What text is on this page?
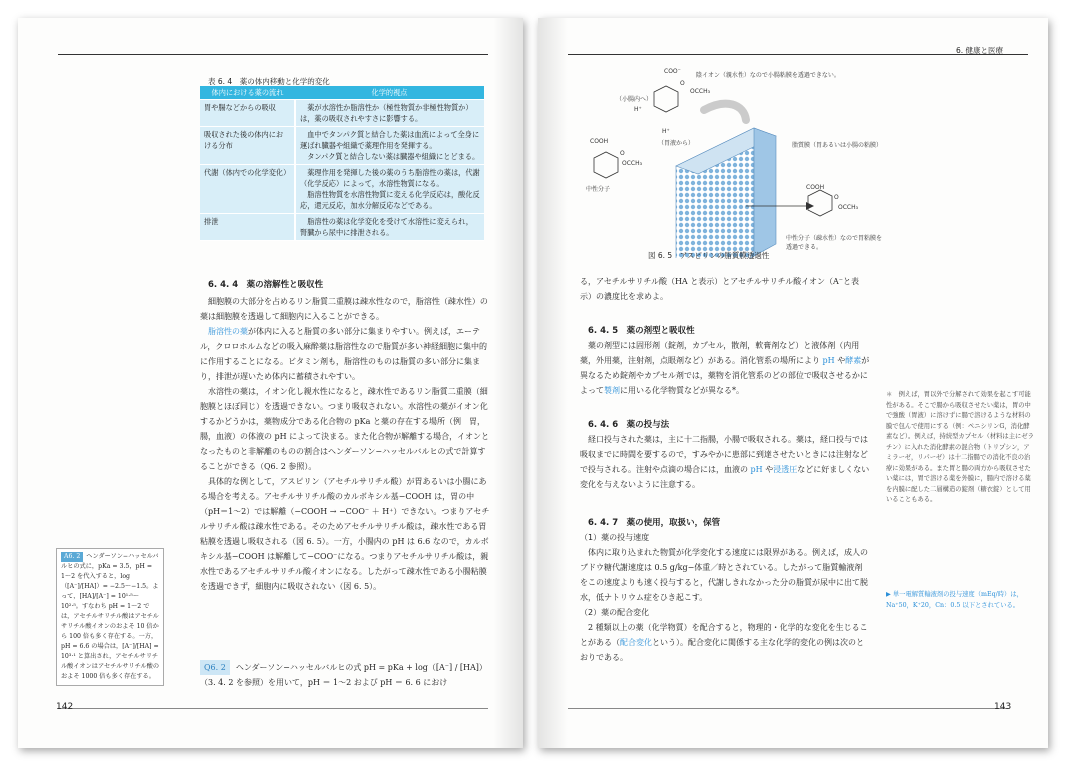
表 6. 4　薬の体内移動と化学的変化
体内における薬の流れ	化学的視点
胃や腸などからの吸収	薬が水溶性か脂溶性か（極性物質か非極性物質か）は，薬の吸収されやすさに影響する。

吸収された後の体内における分布	血中でタンパク質と結合した薬は血流によって全身に運ばれ臓器や組織で薬理作用を発揮する。
タンパク質と結合しない薬は臓器や組織にとどまる。

代謝（体内での化学変化）	薬理作用を発揮した後の薬のうち脂溶性の薬は，代謝（化学反応）によって，水溶性物質になる。
脂溶性物質を水溶性物質に変える化学反応は，酸化反応，還元反応，加水分解反応などである。

排泄	脂溶性の薬は化学変化を受けて水溶性に変えられ，腎臓から尿中に排泄される。
6. 4. 4　薬の溶解性と吸収性

細胞膜の大部分を占めるリン脂質二重膜は疎水性なので，脂溶性（疎水性）の薬は細胞膜を透過して細胞内に入ることができる。

脂溶性の薬が体内に入ると脂質の多い部分に集まりやすい。例えば，エーテル，クロロホルムなどの吸入麻酔薬は脂溶性なので脂質が多い神経細胞に集中的に作用することになる。ビタミン剤も，脂溶性のものは脂質の多い部分に集まり，排泄が遅いため体内に蓄積されやすい。

水溶性の薬は，イオン化し親水性になると，疎水性であるリン脂質二重膜（細胞膜とほぼ同じ）を透過できない。つまり吸収されない。水溶性の薬がイオン化するかどうかは，薬物成分である化合物の pKa と薬の存在する場所（例　胃，腸，血液）の体液の pH によって決まる。また化合物が解離する場合，イオンとなったものと非解離のものの割合はヘンダーソン−ハッセルバルヒの式で計算することができる（Q6. 2 参照）。

具体的な例として，アスピリン（アセチルサリチル酸）が胃あるいは小腸にある場合を考える。アセチルサリチル酸のカルボキシル基−COOH は，胃の中（pH＝1〜2）では解離（−COOH → −COO⁻ ＋ H⁺）できない。つまりアセチルサリチル酸は疎水性である。そのためアセチルサリチル酸は，疎水性である胃粘膜を透過し吸収される（図 6. 5）。一方，小腸内の pH は 6.6 なので，カルボキシル基−COOH は解離して−COO⁻になる。つまりアセチルサリチル酸は，親水性であるアセチルサリチル酸イオンになる。したがって疎水性である小腸粘膜を透過できず，細胞内に吸収されない（図 6. 5）。

Q6. 2 ヘンダーソン−ハッセルバルヒの式 pH = pKa + log（[A⁻] / [HA]）（3. 4. 2 を参照）を用いて，pH ＝ 1〜2 および pH ＝ 6. 6 におけ
A6. 2 ヘンダーソン−ハッセルバルヒの式に，pKa = 3.5，pH = 1〜2 を代入すると，log（[A⁻]/[HA]）= −2.5〜−1.5。よって，[HA]/[A⁻] = 10¹·⁵〜10²·⁵。すなわち pH = 1〜2 では，アセチルサリチル酸はアセチルサリチル酸イオンのおよそ 10 倍から 100 倍も多く存在する。一方，pH = 6.6 の場合は，[A⁻]/[HA] = 10³·¹ と算出され，アセチルサリチル酸イオンはアセチルサリチル酸のおよそ 1000 倍も多く存在する。
142
6. 健康と医療
COO⁻
O
OCCH₃
陰イオン（親水性）なので小腸粘膜を透過できない。
（小腸内へ）
H⁺
H⁺
（胃液から）
COOH
O
OCCH₃
中性分子
脂質膜（胃あるいは小腸の粘膜）
COOH
O
OCCH₃
中性分子（疎水性）なので胃粘膜を透過できる。
図 6. 5　アスピリンの脂質膜透過性
る，アセチルサリチル酸（HA と表示）とアセチルサリチル酸イオン（A⁻と表示）の濃度比を求めよ。
6. 4. 5　薬の剤型と吸収性

薬の剤型には固形剤（錠剤，カプセル，散剤，軟膏剤など）と液体剤（内用薬，外用薬，注射剤，点眼剤など）がある。消化管系の場所により pH や酵素が異なるため錠剤やカプセル剤では，薬物を消化管系のどの部位で吸収させるかによって製剤に用いる化学物質などが異なる*。

6. 4. 6　薬の投与法

経口投与された薬は，主に十二指腸，小腸で吸収される。薬は，経口投与では吸収までに時間を要するので，すみやかに患部に到達させたいときには注射などで投与される。注射や点滴の場合には，血液の pH や浸透圧などに好ましくない変化を与えないように注意する。

6. 4. 7　薬の使用，取扱い，保管
（1）薬の投与速度

体内に取り込まれた物質が化学変化する速度には限界がある。例えば，成人のブドウ糖代謝速度は 0.5 g/kg−体重／時とされている。したがって脂質輸液剤をこの速度よりも速く投与すると，代謝しきれなかった分の脂質が尿中に出て脱水，低ナトリウム症をひき起こす。

（2）薬の配合変化

2 種類以上の薬（化学物質）を配合すると，物理的・化学的な変化を生じることがある（配合変化という）。配合変化に関係する主な化学的変化の例は次のとおりである。

＊　例えば，胃以外で分解されて効果を起こす可能性がある。そこで腸から吸収させたい薬は，胃の中で強酸（胃液）に溶けずに腸で溶けるような材料の膜で包んで使用にする（例：ペニシリンG，消化酵素など）。例えば，持続型カプセル（材料は主にゼラチン）に入れた消化酵素の混合物（トリプシン，アミラーゼ，リパーゼ）は十二指腸での消化不良の治療に効果がある。また胃と腸の両方から吸収させたい薬には，胃で溶ける薬を外膜に，腸内で溶ける薬を内膜に配した二層構造の錠剤（糖衣錠）として用いることもある。
▶ 単一電解質輸液剤の投与速度（mEq/時）は，Na⁺50，K⁺20，Cn：0.5 以下とされている。
143
